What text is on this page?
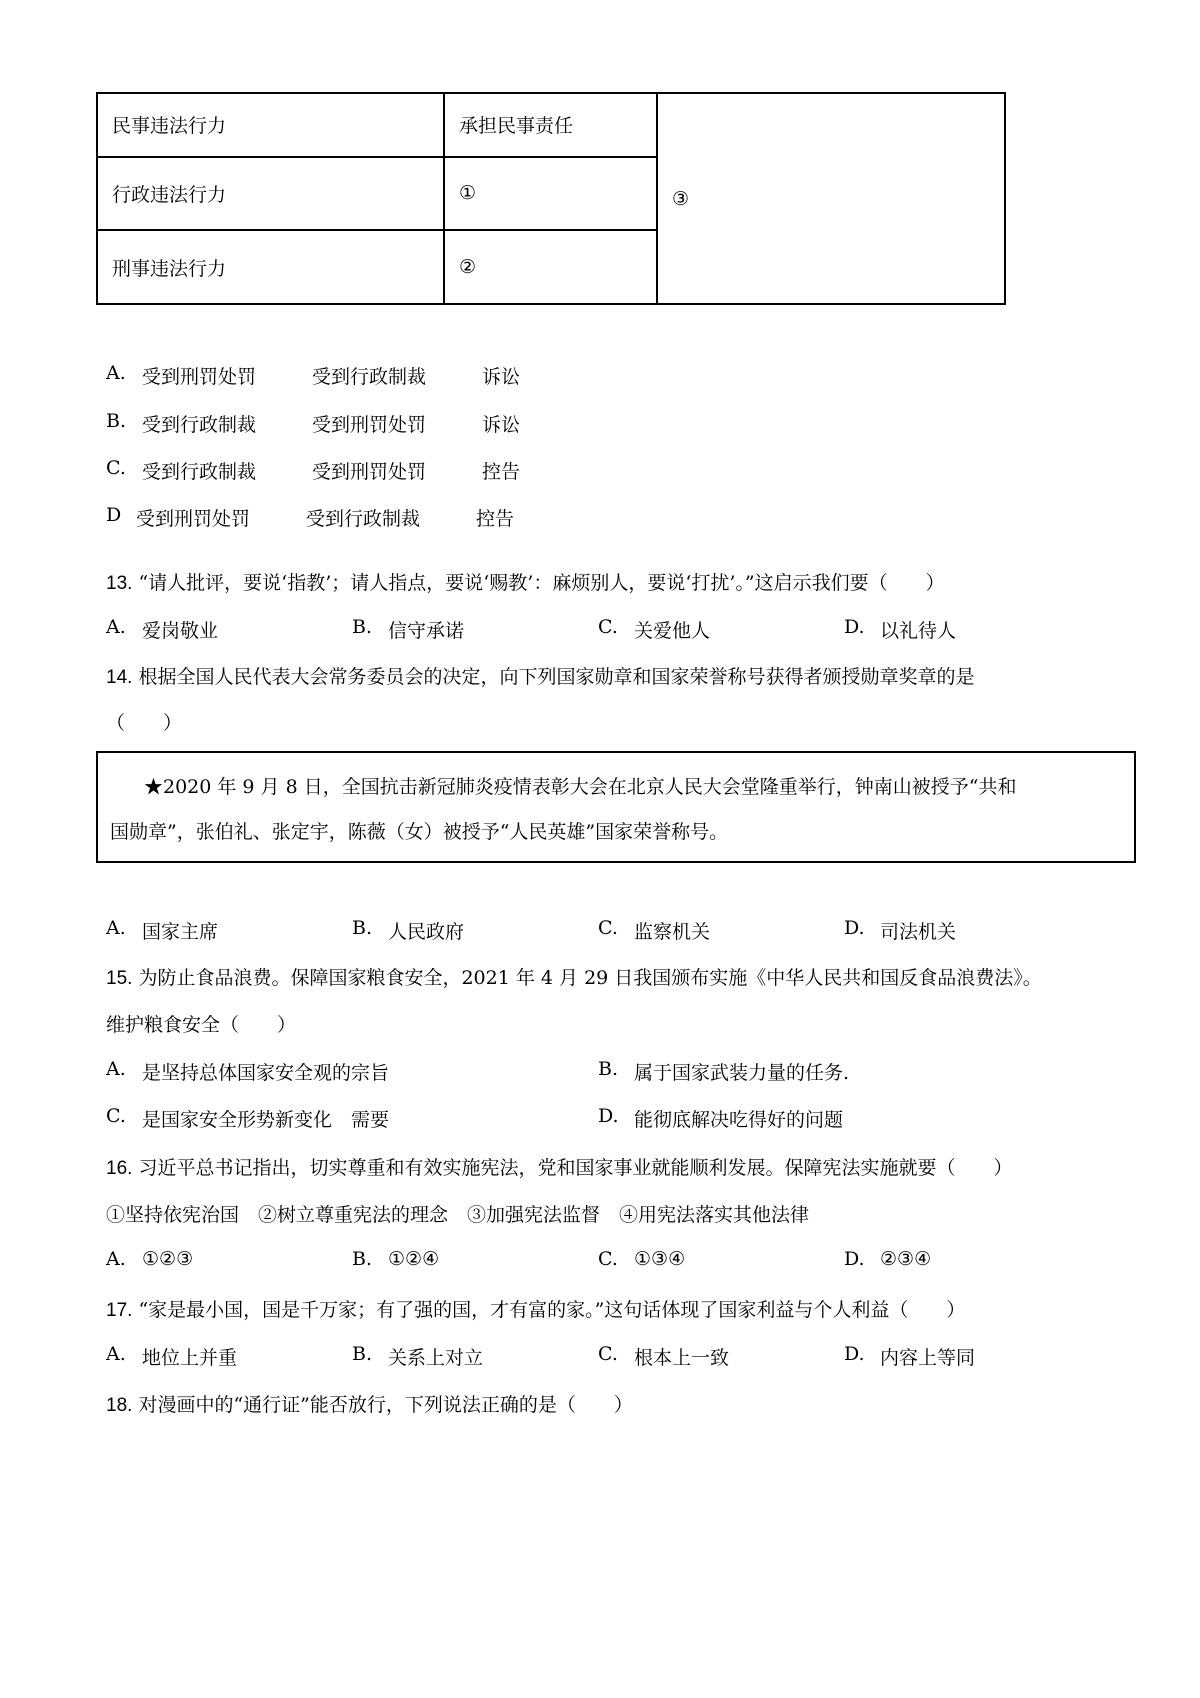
民事违法行力	承担民事责任	③
行政违法行力	①	
刑事违法行力	②	
A. 受到刑罚处罚	受到行政制裁	诉讼
B. 受到行政制裁	受到刑罚处罚	诉讼
C. 受到行政制裁	受到刑罚处罚	控告
D 受到刑罚处罚	受到行政制裁	控告
13. “请人批评，要说‘指教’；请人指点，要说‘赐教’：麻烦别人，要说‘打扰’。”这启示我们要（　　）
A. 爱岗敬业	B. 信守承诺	C. 关爱他人	D. 以礼待人
14. 根据全国人民代表大会常务委员会的决定，向下列国家勋章和国家荣誉称号获得者颁授勋章奖章的是
（　　）
★2020 年 9 月 8 日，全国抗击新冠肺炎疫情表彰大会在北京人民大会堂隆重举行，钟南山被授予“共和
国勋章”，张伯礼、张定宇，陈薇（女）被授予“人民英雄”国家荣誉称号。
A. 国家主席	B. 人民政府	C. 监察机关	D. 司法机关
15. 为防止食品浪费。保障国家粮食安全，2021 年 4 月 29 日我国颁布实施《中华人民共和国反食品浪费法》。
维护粮食安全（　　）
A. 是坚持总体国家安全观的宗旨	B. 属于国家武装力量的任务.
C. 是国家安全形势新变化　需要	D. 能彻底解决吃得好的问题
16. 习近平总书记指出，切实尊重和有效实施宪法，党和国家事业就能顺利发展。保障宪法实施就要（　　）
①坚持依宪治国　②树立尊重宪法的理念　③加强宪法监督　④用宪法落实其他法律
A. ①②③	B. ①②④	C. ①③④	D. ②③④
17. “家是最小国，国是千万家；有了强的国，才有富的家。”这句话体现了国家利益与个人利益（　　）
A. 地位上并重	B. 关系上对立	C. 根本上一致	D. 内容上等同
18. 对漫画中的“通行证”能否放行，下列说法正确的是（　　）
